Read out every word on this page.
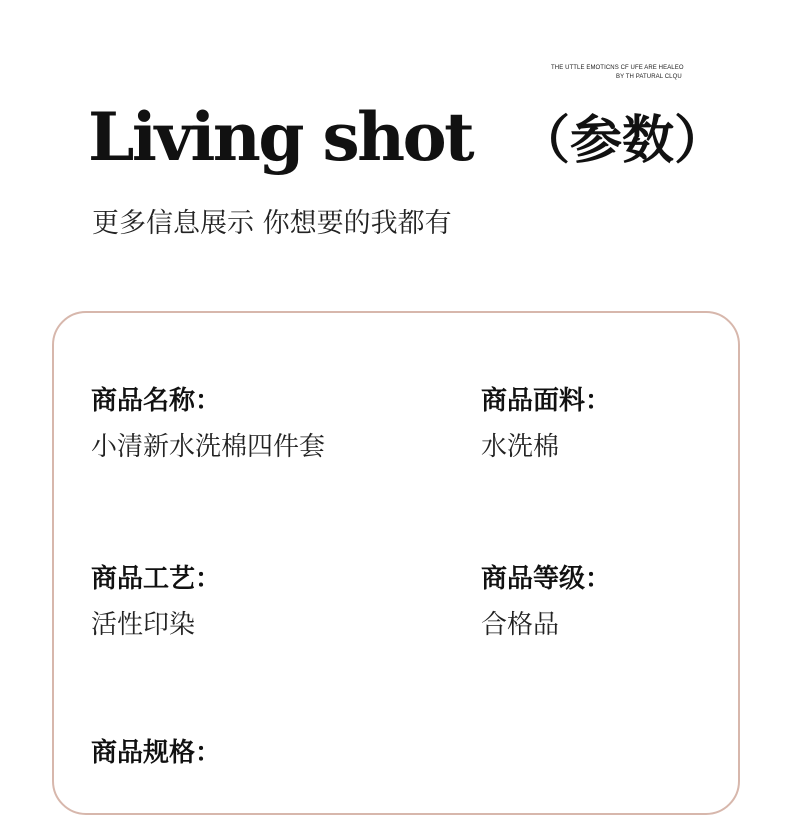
THE UTTLE EMOTICNS CF UFE ARE HEALEO
BY TH PATURAL CLQU
Living shot （参数）
更多信息展示 你想要的我都有
商品名称：
小清新水洗棉四件套
商品面料：
水洗棉
商品工艺：
活性印染
商品等级：
合格品
商品规格：
